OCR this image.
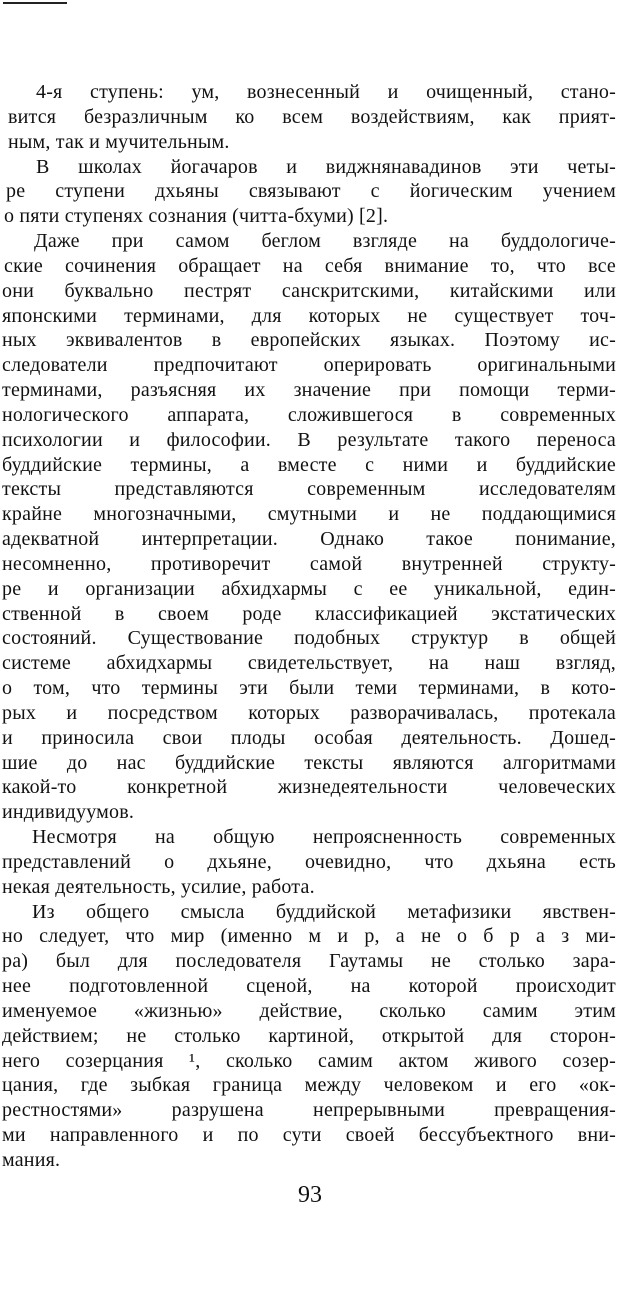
4-я ступень: ум, вознесенный и очищенный, стано-
вится безразличным ко всем воздействиям, как прият-
ным, так и мучительным.
В школах йогачаров и виджнянавадинов эти четы-
ре ступени дхьяны связывают с йогическим учением
о пяти ступенях сознания (читта-бхуми) [2].
Даже при самом беглом взгляде на буддологиче-
ские сочинения обращает на себя внимание то, что все
они буквально пестрят санскритскими, китайскими или
японскими терминами, для которых не существует точ-
ных эквивалентов в европейских языках. Поэтому ис-
следователи предпочитают оперировать оригинальными
терминами, разъясняя их значение при помощи терми-
нологического аппарата, сложившегося в современных
психологии и философии. В результате такого переноса
буддийские термины, а вместе с ними и буддийские
тексты представляются современным исследователям
крайне многозначными, смутными и не поддающимися
адекватной интерпретации. Однако такое понимание,
несомненно, противоречит самой внутренней структу-
ре и организации абхидхармы с ее уникальной, един-
ственной в своем роде классификацией экстатических
состояний. Существование подобных структур в общей
системе абхидхармы свидетельствует, на наш взгляд,
о том, что термины эти были теми терминами, в кото-
рых и посредством которых разворачивалась, протекала
и приносила свои плоды особая деятельность. Дошед-
шие до нас буддийские тексты являются алгоритмами
какой-то конкретной жизнедеятельности человеческих
индивидуумов.
Несмотря на общую непроясненность современных
представлений о дхьяне, очевидно, что дхьяна есть
некая деятельность, усилие, работа.
Из общего смысла буддийской метафизики явствен-
но следует, что мир (именно м и р, а не о б р а з ми-
ра) был для последователя Гаутамы не столько зара-
нее подготовленной сценой, на которой происходит
именуемое «жизнью» действие, сколько самим этим
действием; не столько картиной, открытой для сторон-
него созерцания ¹, сколько самим актом живого созер-
цания, где зыбкая граница между человеком и его «ок-
рестностями» разрушена непрерывными превращения-
ми направленного и по сути своей бессубъектного вни-
мания.
93
